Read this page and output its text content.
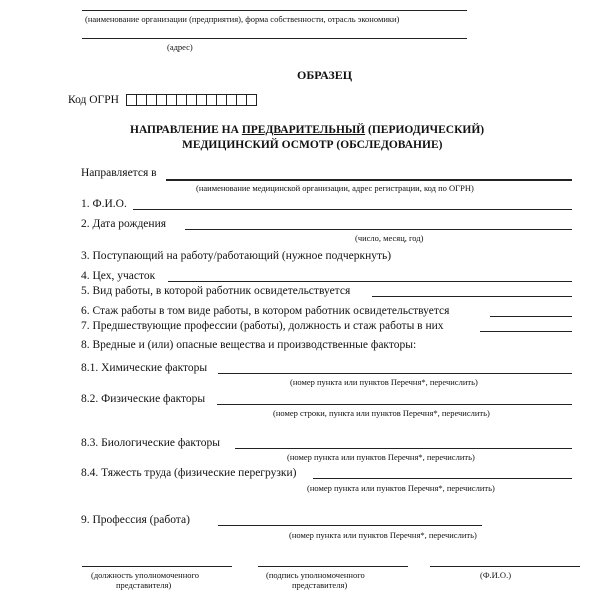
(наименование организации (предприятия), форма собственности, отрасль экономики)
(адрес)
ОБРАЗЕЦ
Код ОГРН
НАПРАВЛЕНИЕ НА ПРЕДВАРИТЕЛЬНЫЙ (ПЕРИОДИЧЕСКИЙ)
МЕДИЦИНСКИЙ ОСМОТР (ОБСЛЕДОВАНИЕ)
Направляется в
(наименование медицинской организации, адрес регистрации, код по ОГРН)
1. Ф.И.О.
2. Дата рождения
(число, месяц, год)
3. Поступающий на работу/работающий (нужное подчеркнуть)
4. Цех, участок
5. Вид работы, в которой работник освидетельствуется
6. Стаж работы в том виде работы, в котором работник освидетельствуется
7. Предшествующие профессии (работы), должность и стаж работы в них
8. Вредные и (или) опасные вещества и производственные факторы:
8.1. Химические факторы
(номер пункта или пунктов Перечня*, перечислить)
8.2. Физические факторы
(номер строки, пункта или пунктов Перечня*, перечислить)
8.3. Биологические факторы
(номер пункта или пунктов Перечня*, перечислить)
8.4. Тяжесть труда (физические перегрузки)
(номер пункта или пунктов Перечня*, перечислить)
9. Профессия (работа)
(номер пункта или пунктов Перечня*, перечислить)
(должность уполномоченного
представителя)
(подпись уполномоченного
представителя)
(Ф.И.О.)
